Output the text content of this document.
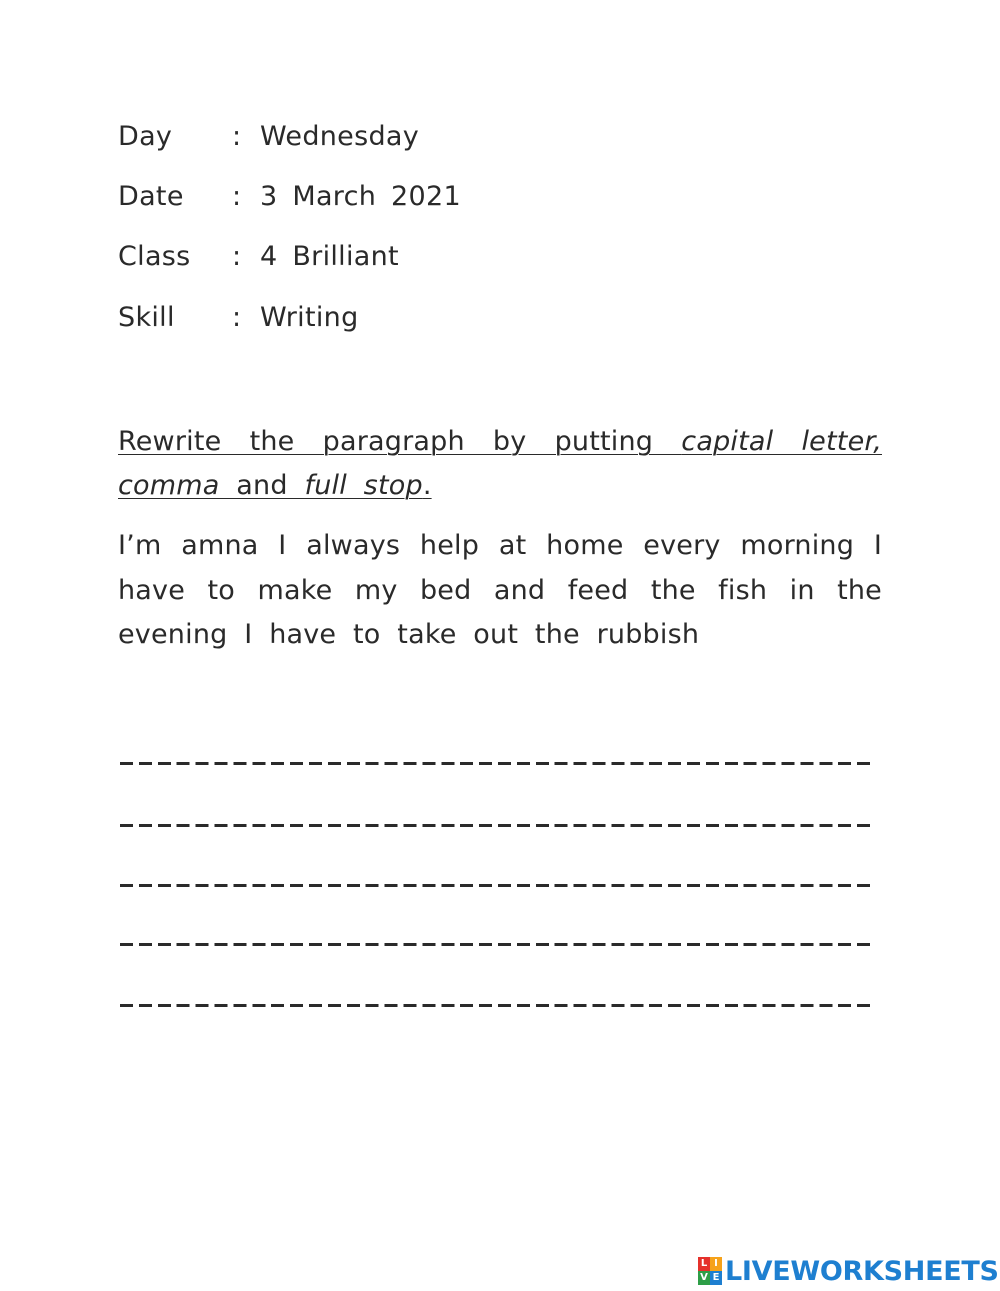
Day : Wednesday
Date : 3 March 2021
Class : 4 Brilliant
Skill : Writing
Rewrite the paragraph by putting capital letter, comma and full stop.
I’m amna I always help at home every morning I have to make my bed and feed the fish in the evening I have to take out the rubbish
L I
V E LIVEWORKSHEETS
